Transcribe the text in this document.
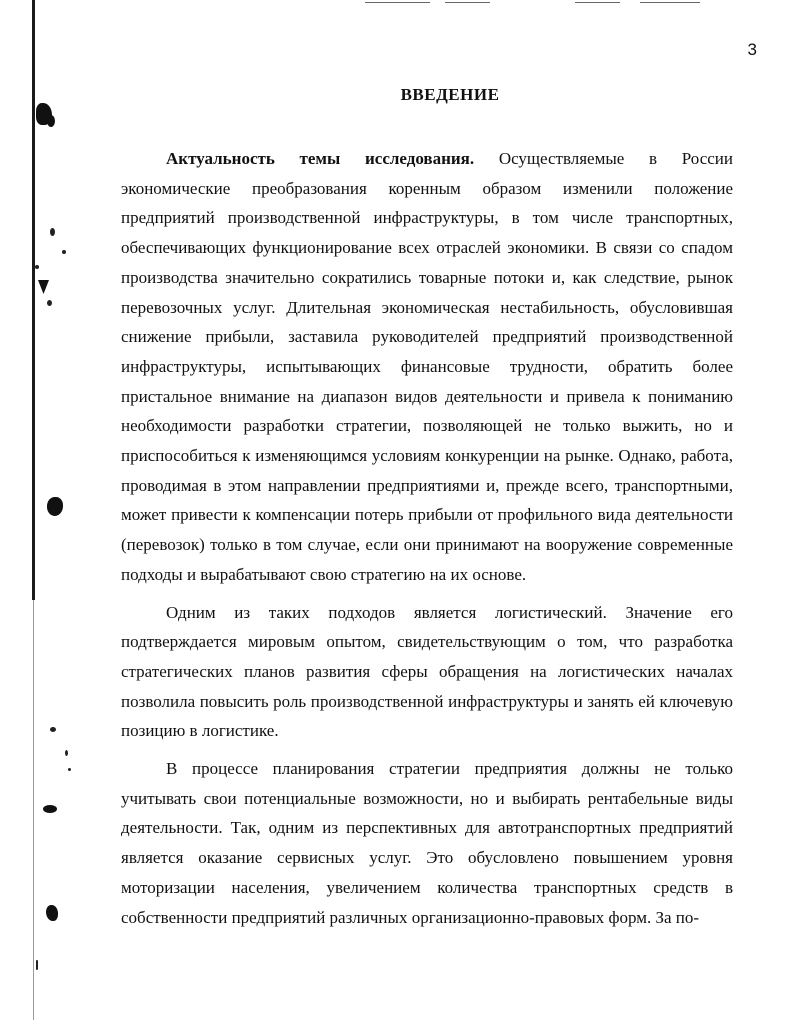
3
ВВЕДЕНИЕ

Актуальность темы исследования. Осуществляемые в России экономические преобразования коренным образом изменили положение предприятий производственной инфраструктуры, в том числе транспортных, обеспечивающих функционирование всех отраслей экономики. В связи со спадом производства значительно сократились товарные потоки и, как следствие, рынок перевозочных услуг. Длительная экономическая нестабильность, обусловившая снижение прибыли, заставила руководителей предприятий производственной инфраструктуры, испытывающих финансовые трудности, обратить более пристальное внимание на диапазон видов деятельности и привела к пониманию необходимости разработки стратегии, позволяющей не только выжить, но и приспособиться к изменяющимся условиям конкуренции на рынке. Однако, работа, проводимая в этом направлении предприятиями и, прежде всего, транспортными, может привести к компенсации потерь прибыли от профильного вида деятельности (перевозок) только в том случае, если они принимают на вооружение современные подходы и вырабатывают свою стратегию на их основе.

Одним из таких подходов является логистический. Значение его подтверждается мировым опытом, свидетельствующим о том, что разработка стратегических планов развития сферы обращения на логистических началах позволила повысить роль производственной инфраструктуры и занять ей ключевую позицию в логистике.

В процессе планирования стратегии предприятия должны не только учитывать свои потенциальные возможности, но и выбирать рентабельные виды деятельности. Так, одним из перспективных для автотранспортных предприятий является оказание сервисных услуг. Это обусловлено повышением уровня моторизации населения, увеличением количества транспортных средств в собственности предприятий различных организационно-правовых форм. За по-
